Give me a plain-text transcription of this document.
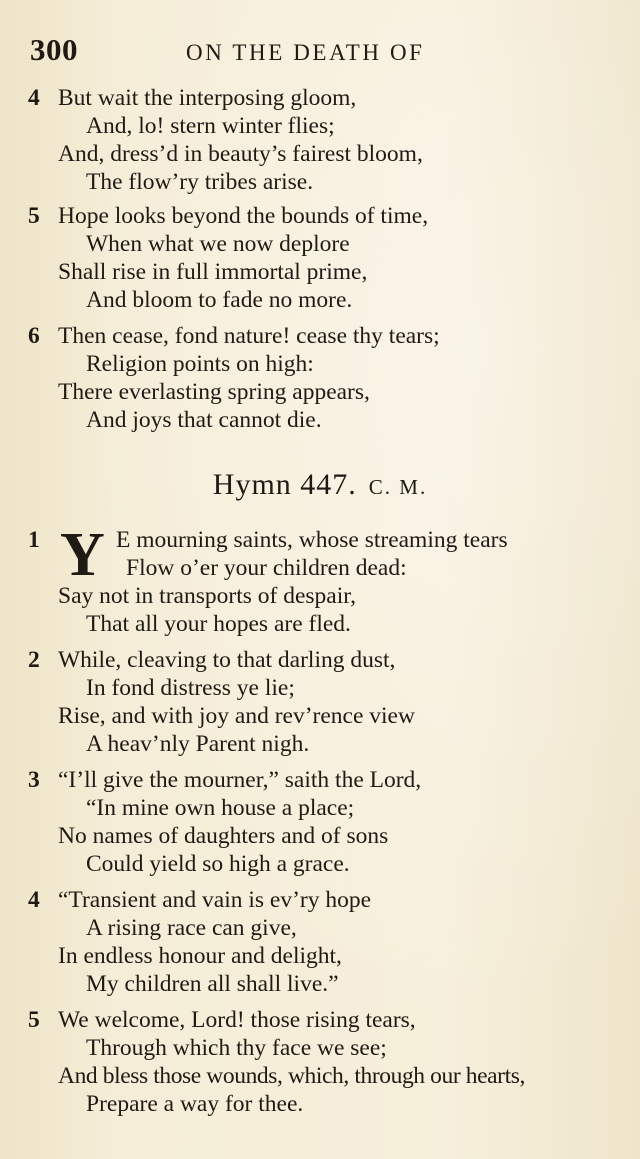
300	ON THE DEATH OF
4 But wait the interposing gloom,
And, lo! stern winter flies;
And, dress’d in beauty’s fairest bloom,
The flow’ry tribes arise.
5 Hope looks beyond the bounds of time,
When what we now deplore
Shall rise in full immortal prime,
And bloom to fade no more.
6 Then cease, fond nature! cease thy tears;
Religion points on high:
There everlasting spring appears,
And joys that cannot die.
Hymn 447. C. M.
Y
1	E mourning saints, whose streaming tears
Flow o’er your children dead:
Say not in transports of despair,
That all your hopes are fled.
2 While, cleaving to that darling dust,
In fond distress ye lie;
Rise, and with joy and rev’rence view
A heav’nly Parent nigh.
3 “I’ll give the mourner,” saith the Lord,
“In mine own house a place;
No names of daughters and of sons
Could yield so high a grace.
4 “Transient and vain is ev’ry hope
A rising race can give,
In endless honour and delight,
My children all shall live.”
5 We welcome, Lord! those rising tears,
Through which thy face we see;
And bless those wounds, which, through our hearts,
Prepare a way for thee.
